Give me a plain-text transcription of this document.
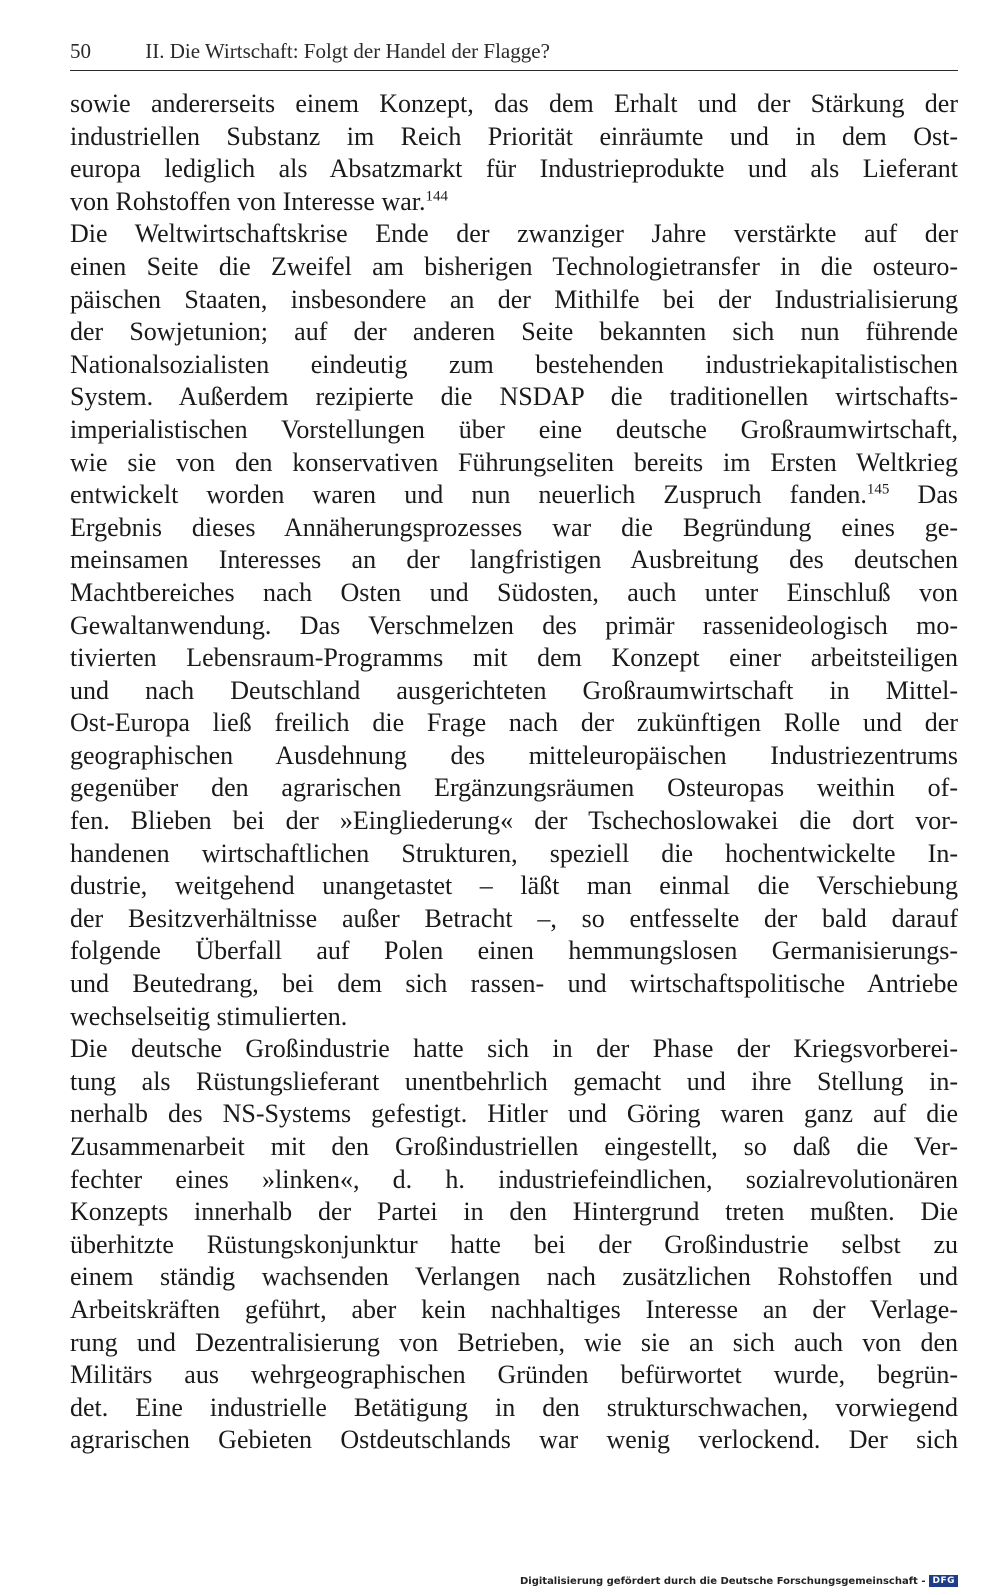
50	II. Die Wirtschaft: Folgt der Handel der Flagge?
sowie andererseits einem Konzept, das dem Erhalt und der Stärkung der
industriellen Substanz im Reich Priorität einräumte und in dem Ost-
europa lediglich als Absatzmarkt für Industrieprodukte und als Lieferant
von Rohstoffen von Interesse war.$^{144}$
Die Weltwirtschaftskrise Ende der zwanziger Jahre verstärkte auf der
einen Seite die Zweifel am bisherigen Technologietransfer in die osteuro-
päischen Staaten, insbesondere an der Mithilfe bei der Industrialisierung
der Sowjetunion; auf der anderen Seite bekannten sich nun führende
Nationalsozialisten eindeutig zum bestehenden industriekapitalistischen
System. Außerdem rezipierte die NSDAP die traditionellen wirtschafts-
imperialistischen Vorstellungen über eine deutsche Großraumwirtschaft,
wie sie von den konservativen Führungseliten bereits im Ersten Weltkrieg
entwickelt worden waren und nun neuerlich Zuspruch fanden.$^{145}$ Das
Ergebnis dieses Annäherungsprozesses war die Begründung eines ge-
meinsamen Interesses an der langfristigen Ausbreitung des deutschen
Machtbereiches nach Osten und Südosten, auch unter Einschluß von
Gewaltanwendung. Das Verschmelzen des primär rassenideologisch mo-
tivierten Lebensraum-Programms mit dem Konzept einer arbeitsteiligen
und nach Deutschland ausgerichteten Großraumwirtschaft in Mittel-
Ost-Europa ließ freilich die Frage nach der zukünftigen Rolle und der
geographischen Ausdehnung des mitteleuropäischen Industriezentrums
gegenüber den agrarischen Ergänzungsräumen Osteuropas weithin of-
fen. Blieben bei der »Eingliederung« der Tschechoslowakei die dort vor-
handenen wirtschaftlichen Strukturen, speziell die hochentwickelte In-
dustrie, weitgehend unangetastet – läßt man einmal die Verschiebung
der Besitzverhältnisse außer Betracht –, so entfesselte der bald darauf
folgende Überfall auf Polen einen hemmungslosen Germanisierungs-
und Beutedrang, bei dem sich rassen- und wirtschaftspolitische Antriebe
wechselseitig stimulierten.
Die deutsche Großindustrie hatte sich in der Phase der Kriegsvorberei-
tung als Rüstungslieferant unentbehrlich gemacht und ihre Stellung in-
nerhalb des NS-Systems gefestigt. Hitler und Göring waren ganz auf die
Zusammenarbeit mit den Großindustriellen eingestellt, so daß die Ver-
fechter eines »linken«, d. h. industriefeindlichen, sozialrevolutionären
Konzepts innerhalb der Partei in den Hintergrund treten mußten. Die
überhitzte Rüstungskonjunktur hatte bei der Großindustrie selbst zu
einem ständig wachsenden Verlangen nach zusätzlichen Rohstoffen und
Arbeitskräften geführt, aber kein nachhaltiges Interesse an der Verlage-
rung und Dezentralisierung von Betrieben, wie sie an sich auch von den
Militärs aus wehrgeographischen Gründen befürwortet wurde, begrün-
det. Eine industrielle Betätigung in den strukturschwachen, vorwiegend
agrarischen Gebieten Ostdeutschlands war wenig verlockend. Der sich
Digitalisierung gefördert durch die Deutsche Forschungsgemeinschaft - DFG
